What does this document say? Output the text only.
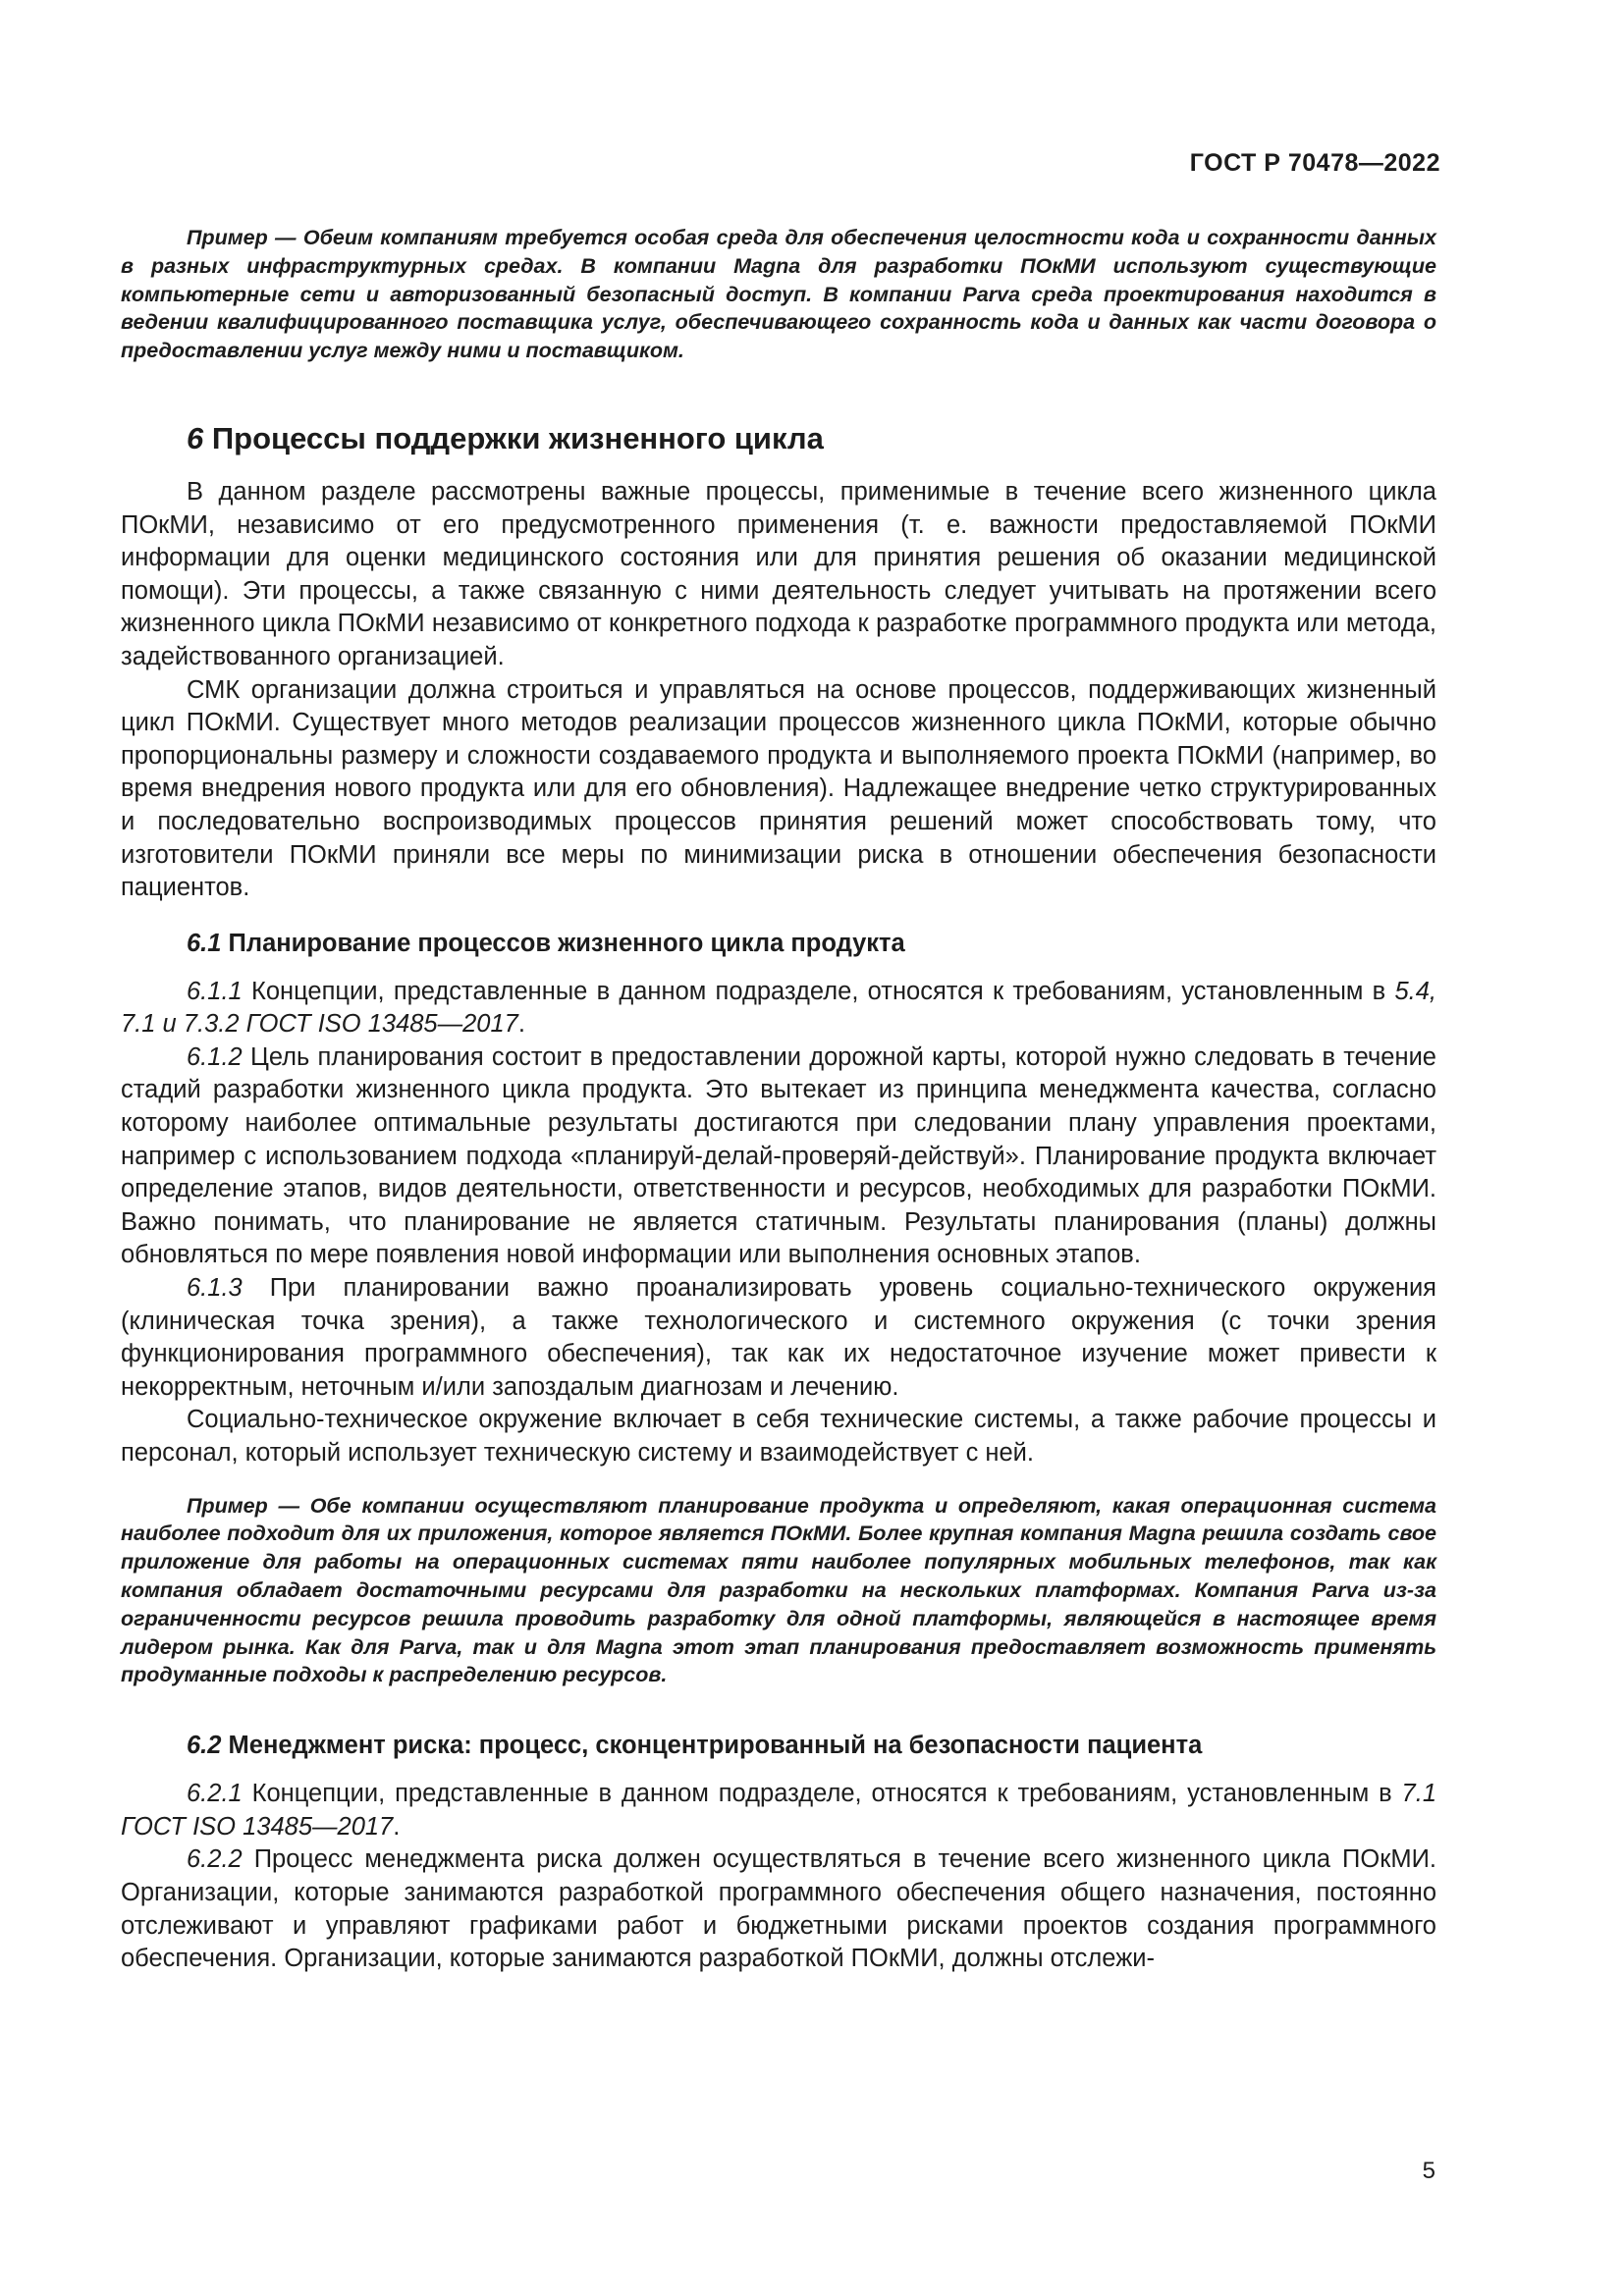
ГОСТ Р 70478—2022

Пример — Обеим компаниям требуется особая среда для обеспечения целостности кода и сохранности данных в разных инфраструктурных средах. В компании Magna для разработки ПОкМИ используют существующие компьютерные сети и авторизованный безопасный доступ. В компании Parva среда проектирования находится в ведении квалифицированного поставщика услуг, обеспечивающего сохранность кода и данных как части договора о предоставлении услуг между ними и поставщиком.

6 Процессы поддержки жизненного цикла

В данном разделе рассмотрены важные процессы, применимые в течение всего жизненного цикла ПОкМИ, независимо от его предусмотренного применения (т. е. важности предоставляемой ПОкМИ информации для оценки медицинского состояния или для принятия решения об оказании медицинской помощи). Эти процессы, а также связанную с ними деятельность следует учитывать на протяжении всего жизненного цикла ПОкМИ независимо от конкретного подхода к разработке программного продукта или метода, задействованного организацией.

СМК организации должна строиться и управляться на основе процессов, поддерживающих жизненный цикл ПОкМИ. Существует много методов реализации процессов жизненного цикла ПОкМИ, которые обычно пропорциональны размеру и сложности создаваемого продукта и выполняемого проекта ПОкМИ (например, во время внедрения нового продукта или для его обновления). Надлежащее внедрение четко структурированных и последовательно воспроизводимых процессов принятия решений может способствовать тому, что изготовители ПОкМИ приняли все меры по минимизации риска в отношении обеспечения безопасности пациентов.

6.1 Планирование процессов жизненного цикла продукта

6.1.1 Концепции, представленные в данном подразделе, относятся к требованиям, установленным в 5.4, 7.1 и 7.3.2 ГОСТ ISO 13485—2017.

6.1.2 Цель планирования состоит в предоставлении дорожной карты, которой нужно следовать в течение стадий разработки жизненного цикла продукта. Это вытекает из принципа менеджмента качества, согласно которому наиболее оптимальные результаты достигаются при следовании плану управления проектами, например с использованием подхода «планируй-делай-проверяй-действуй». Планирование продукта включает определение этапов, видов деятельности, ответственности и ресурсов, необходимых для разработки ПОкМИ. Важно понимать, что планирование не является статичным. Результаты планирования (планы) должны обновляться по мере появления новой информации или выполнения основных этапов.

6.1.3 При планировании важно проанализировать уровень социально-технического окружения (клиническая точка зрения), а также технологического и системного окружения (с точки зрения функционирования программного обеспечения), так как их недостаточное изучение может привести к некорректным, неточным и/или запоздалым диагнозам и лечению.

Социально-техническое окружение включает в себя технические системы, а также рабочие процессы и персонал, который использует техническую систему и взаимодействует с ней.

Пример — Обе компании осуществляют планирование продукта и определяют, какая операционная система наиболее подходит для их приложения, которое является ПОкМИ. Более крупная компания Magna решила создать свое приложение для работы на операционных системах пяти наиболее популярных мобильных телефонов, так как компания обладает достаточными ресурсами для разработки на нескольких платформах. Компания Parva из-за ограниченности ресурсов решила проводить разработку для одной платформы, являющейся в настоящее время лидером рынка. Как для Parva, так и для Magna этот этап планирования предоставляет возможность применять продуманные подходы к распределению ресурсов.

6.2 Менеджмент риска: процесс, сконцентрированный на безопасности пациента

6.2.1 Концепции, представленные в данном подразделе, относятся к требованиям, установленным в 7.1 ГОСТ ISO 13485—2017.

6.2.2 Процесс менеджмента риска должен осуществляться в течение всего жизненного цикла ПОкМИ. Организации, которые занимаются разработкой программного обеспечения общего назначения, постоянно отслеживают и управляют графиками работ и бюджетными рисками проектов создания программного обеспечения. Организации, которые занимаются разработкой ПОкМИ, должны отслежи-

5
